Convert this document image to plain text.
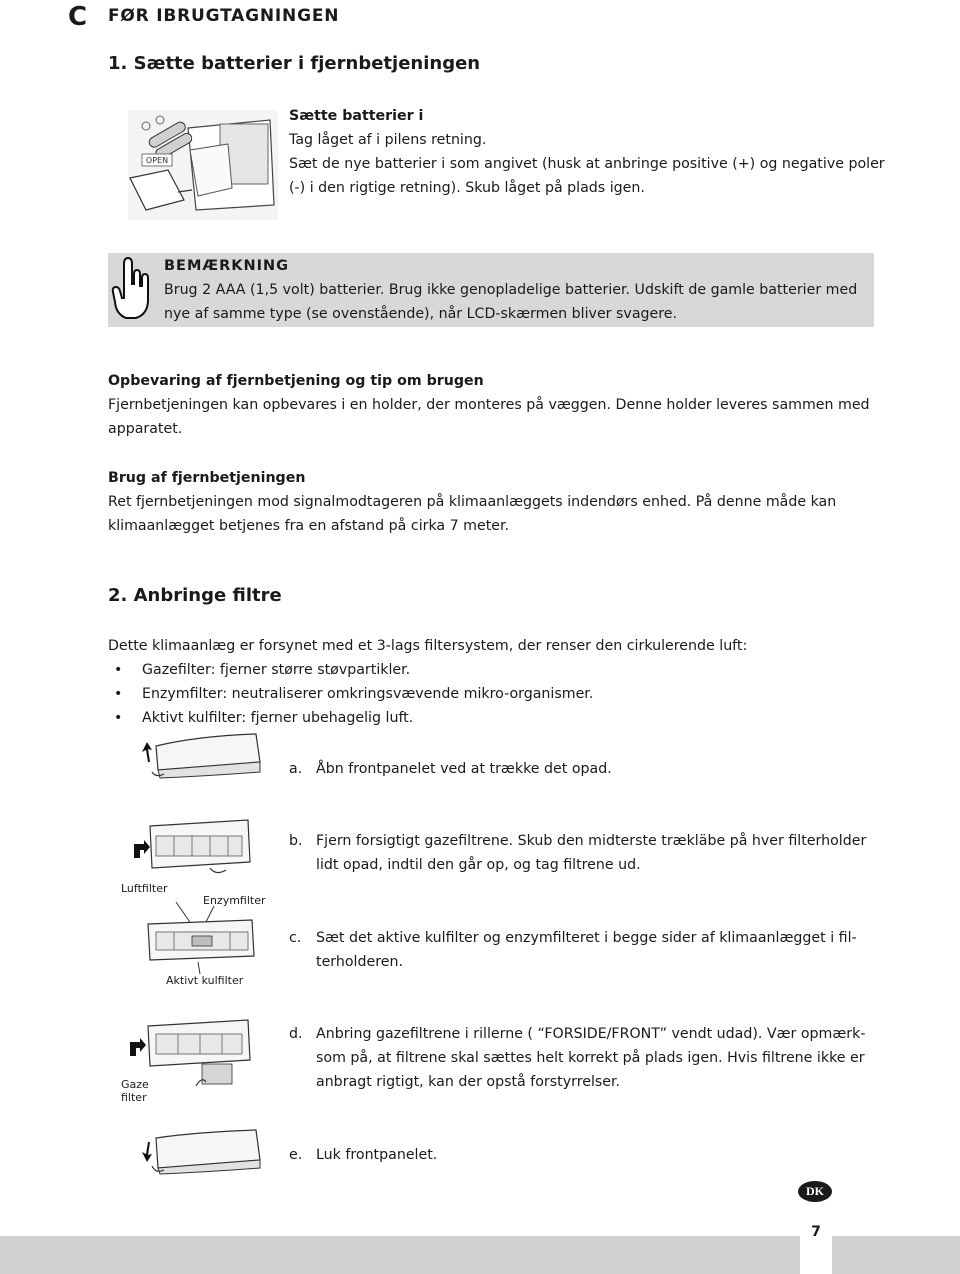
C FØR IBRUGTAGNINGEN
1. Sætte batterier i fjernbetjeningen
OPEN
Sætte batterier i
Tag låget af i pilens retning.
Sæt de nye batterier i som angivet (husk at anbringe positive (+) og negative poler
(-) i den rigtige retning). Skub låget på plads igen.
BEMÆRKNING
Brug 2 AAA (1,5 volt) batterier. Brug ikke genopladelige batterier. Udskift de gamle batterier med
nye af samme type (se ovenstående), når LCD-skærmen bliver svagere.
Opbevaring af fjernbetjening og tip om brugen
Fjernbetjeningen kan opbevares i en holder, der monteres på væggen. Denne holder leveres sammen med
apparatet.
Brug af fjernbetjeningen
Ret fjernbetjeningen mod signalmodtageren på klimaanlæggets indendørs enhed. På denne måde kan
klimaanlægget betjenes fra en afstand på cirka 7 meter.
2. Anbringe filtre
Dette klimaanlæg er forsynet med et 3-lags filtersystem, der renser den cirkulerende luft:
• Gazefilter: fjerner større støvpartikler.
• Enzymfilter: neutraliserer omkringsvævende mikro-organismer.
• Aktivt kulfilter: fjerner ubehagelig luft.
Luftfilter
Enzymfilter
Aktivt kulfilter
Gaze
filter
a. Åbn frontpanelet ved at trække det opad.
b. Fjern forsigtigt gazefiltrene. Skub den midterste trækläbe på hver filterholder
lidt opad, indtil den går op, og tag filtrene ud.
c. Sæt det aktive kulfilter og enzymfilteret i begge sider af klimaanlægget i fil-
terholderen.
d. Anbring gazefiltrene i rillerne ( “FORSIDE/FRONT” vendt udad). Vær opmærk-
som på, at filtrene skal sættes helt korrekt på plads igen. Hvis filtrene ikke er
anbragt rigtigt, kan der opstå forstyrrelser.
e. Luk frontpanelet.
DK
7
